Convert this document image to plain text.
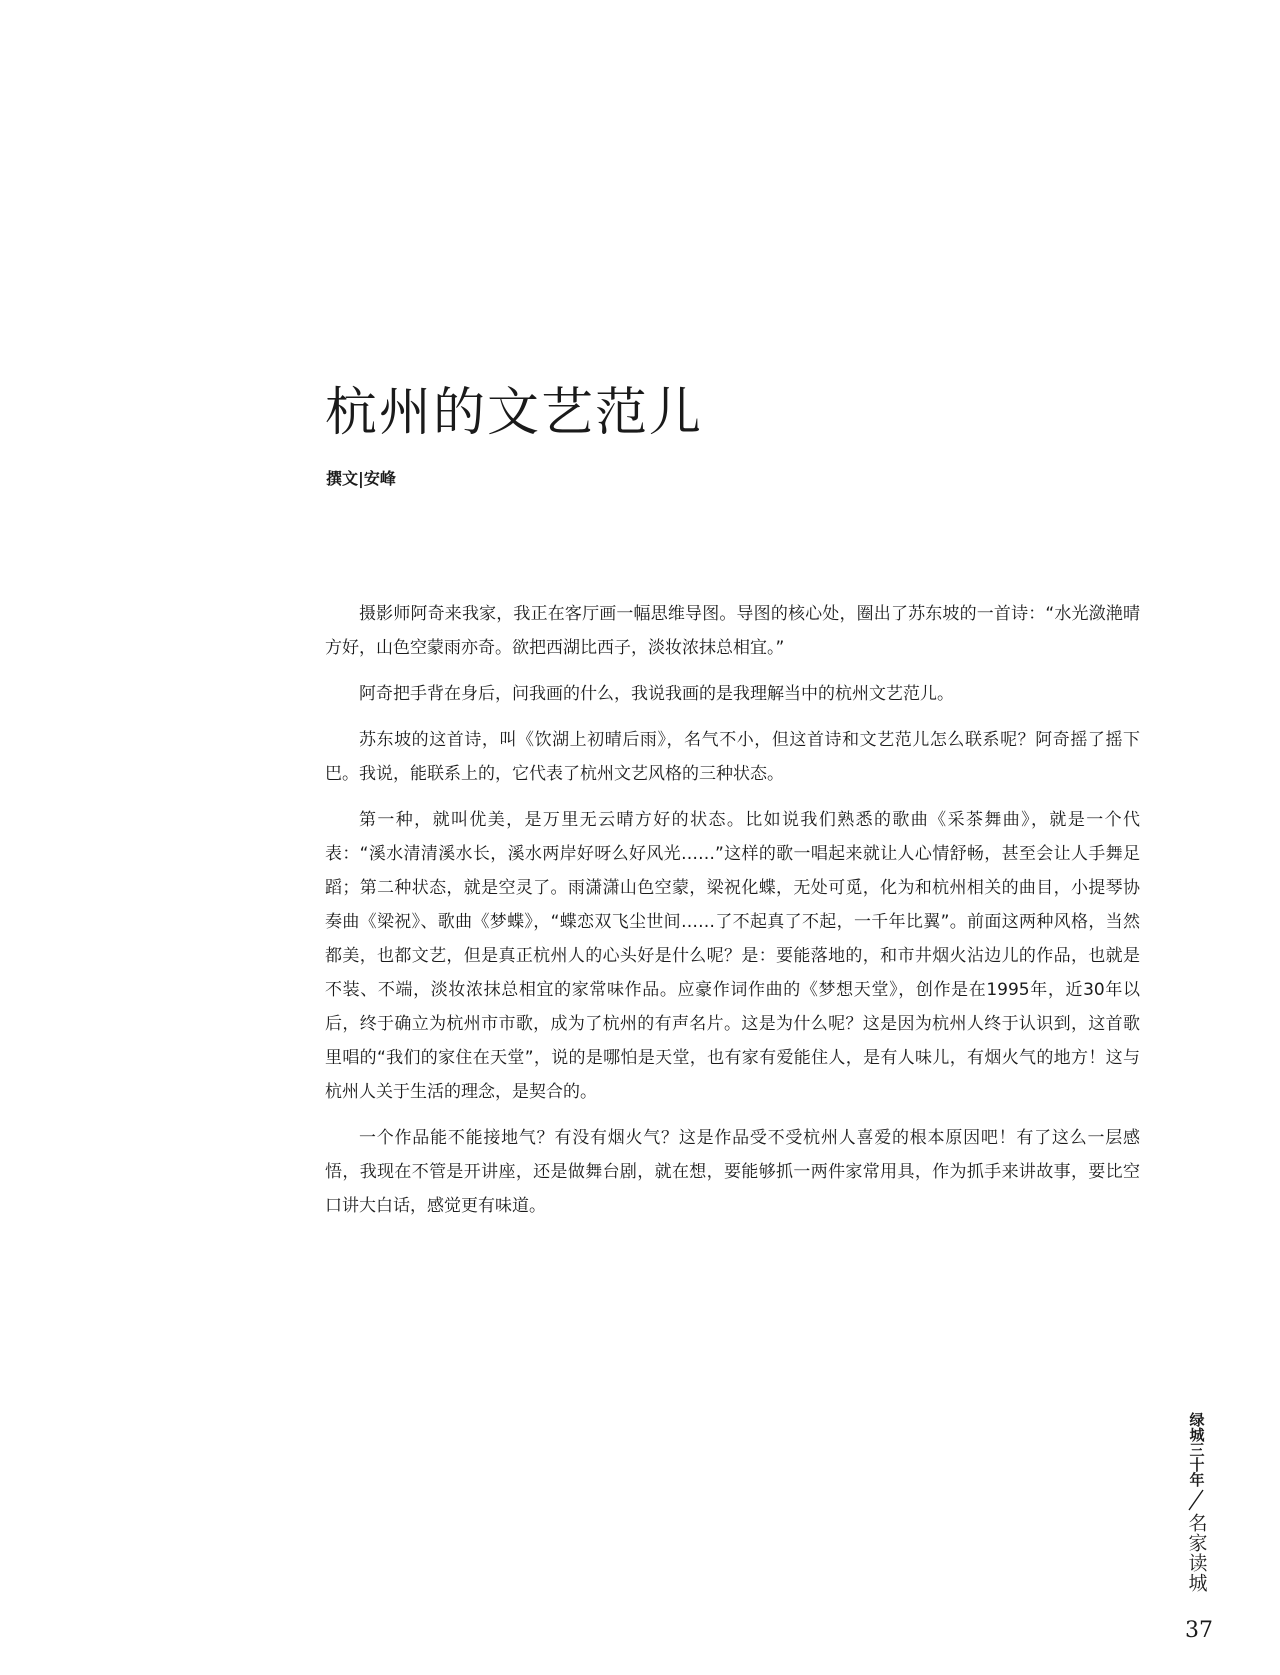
杭州的文艺范儿
撰文|安峰

摄影师阿奇来我家，我正在客厅画一幅思维导图。导图的核心处，圈出了苏东坡的一首诗：“水光潋滟晴方好，山色空蒙雨亦奇。欲把西湖比西子，淡妆浓抹总相宜。”

阿奇把手背在身后，问我画的什么，我说我画的是我理解当中的杭州文艺范儿。

苏东坡的这首诗，叫《饮湖上初晴后雨》，名气不小，但这首诗和文艺范儿怎么联系呢？阿奇摇了摇下巴。我说，能联系上的，它代表了杭州文艺风格的三种状态。

第一种，就叫优美，是万里无云晴方好的状态。比如说我们熟悉的歌曲《采茶舞曲》，就是一个代表：“溪水清清溪水长，溪水两岸好呀么好风光……”这样的歌一唱起来就让人心情舒畅，甚至会让人手舞足蹈；第二种状态，就是空灵了。雨潇潇山色空蒙，梁祝化蝶，无处可觅，化为和杭州相关的曲目，小提琴协奏曲《梁祝》、歌曲《梦蝶》，“蝶恋双飞尘世间……了不起真了不起，一千年比翼”。前面这两种风格，当然都美，也都文艺，但是真正杭州人的心头好是什么呢？是：要能落地的，和市井烟火沾边儿的作品，也就是不装、不端，淡妆浓抹总相宜的家常味作品。应豪作词作曲的《梦想天堂》，创作是在1995年，近30年以后，终于确立为杭州市市歌，成为了杭州的有声名片。这是为什么呢？这是因为杭州人终于认识到，这首歌里唱的“我们的家住在天堂”，说的是哪怕是天堂，也有家有爱能住人，是有人味儿，有烟火气的地方！这与杭州人关于生活的理念，是契合的。

一个作品能不能接地气？有没有烟火气？这是作品受不受杭州人喜爱的根本原因吧！有了这么一层感悟，我现在不管是开讲座，还是做舞台剧，就在想，要能够抓一两件家常用具，作为抓手来讲故事，要比空口讲大白话，感觉更有味道。

绿城三十年
名家读城
37
